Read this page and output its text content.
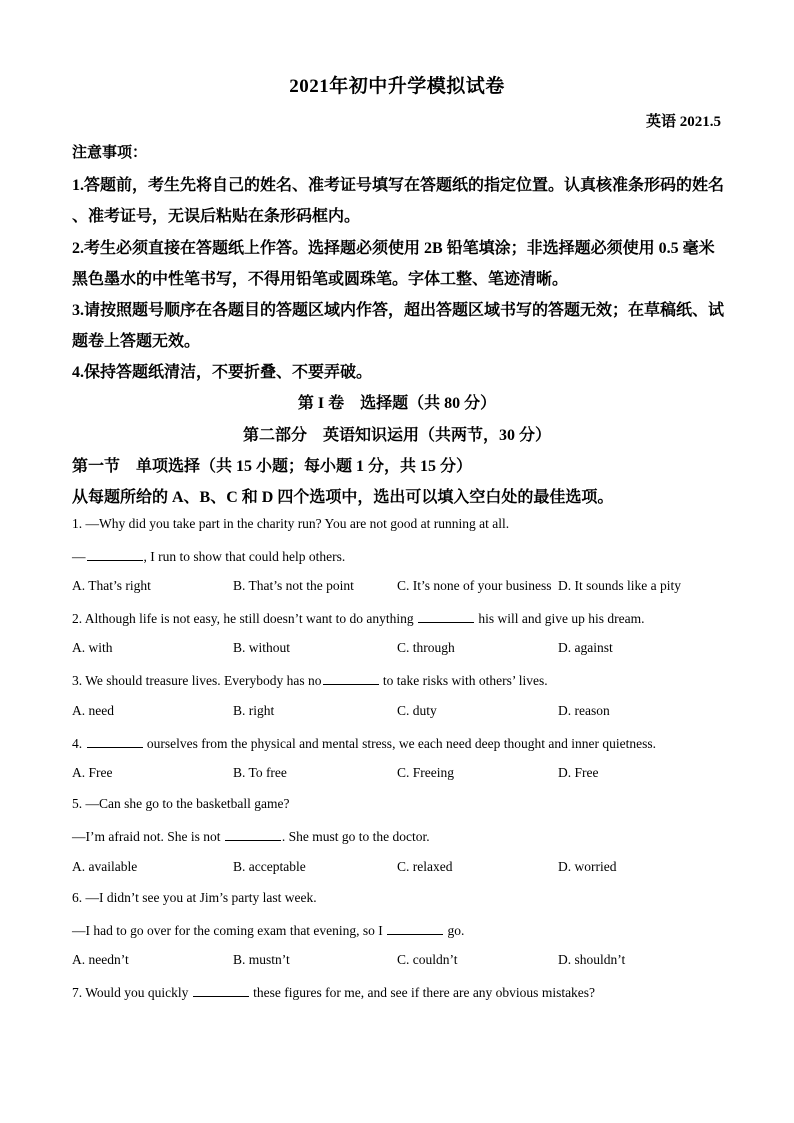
2021年初中升学模拟试卷
英语 2021.5
注意事项：
1.答题前，考生先将自己的姓名、准考证号填写在答题纸的指定位置。认真核准条形码的姓名
、准考证号，无误后粘贴在条形码框内。
2.考生必须直接在答题纸上作答。选择题必须使用 2B 铅笔填涂；非选择题必须使用 0.5 毫米
黑色墨水的中性笔书写，不得用铅笔或圆珠笔。字体工整、笔迹清晰。
3.请按照题号顺序在各题目的答题区域内作答，超出答题区域书写的答题无效；在草稿纸、试
题卷上答题无效。
4.保持答题纸清洁，不要折叠、不要弄破。
第 I 卷　选择题（共 80 分）
第二部分　英语知识运用（共两节，30 分）
第一节　单项选择（共 15 小题；每小题 1 分，共 15 分）
从每题所给的 A、B、C 和 D 四个选项中，选出可以填入空白处的最佳选项。
1. —Why did you take part in the charity run? You are not good at running at all.
—	, I run to show that could help others.
A. That’s right	B. That’s not the point	C. It’s none of your business D. It sounds like a pity
2. Although life is not easy, he still doesn’t want to do anything	his will and give up his dream.
A. with	B. without	C. through	D. against
3. We should treasure lives. Everybody has no	to take risks with others’ lives.
A. need	B. right	C. duty	D. reason
4.	ourselves from the physical and mental stress, we each need deep thought and inner quietness.
A. Free	B. To free	C. Freeing	D. Free
5. —Can she go to the basketball game?
—I’m afraid not. She is not	. She must go to the doctor.
A. available	B. acceptable	C. relaxed	D. worried
6. —I didn’t see you at Jim’s party last week.
—I had to go over for the coming exam that evening, so I	go.
A. needn’t	B. mustn’t	C. couldn’t	D. shouldn’t
7. Would you quickly	these figures for me, and see if there are any obvious mistakes?
